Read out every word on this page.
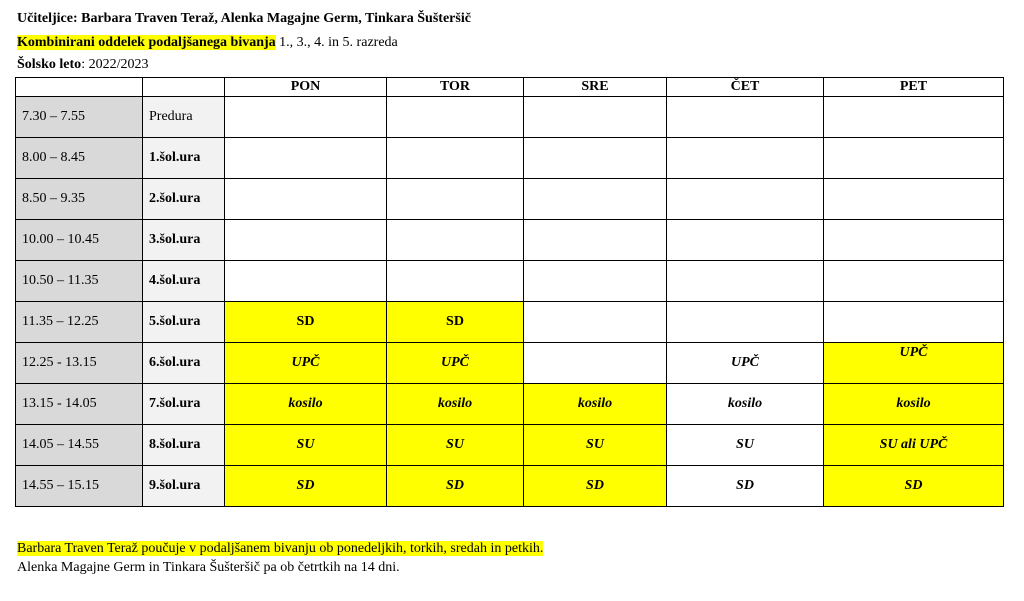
Učiteljice: Barbara Traven Teraž, Alenka Magajne Germ, Tinkara Šušteršič
Kombinirani oddelek podaljšanega bivanja 1., 3., 4. in 5. razreda
Šolsko leto: 2022/2023
		PON	TOR	SRE	ČET	PET
7.30 – 7.55	Predura					
8.00 – 8.45	1.šol.ura					
8.50 – 9.35	2.šol.ura					
10.00 – 10.45	3.šol.ura					
10.50 – 11.35	4.šol.ura					
11.35 – 12.25	5.šol.ura	SD	SD			
12.25 - 13.15	6.šol.ura	UPČ	UPČ		UPČ	UPČ
13.15 - 14.05	7.šol.ura	kosilo	kosilo	kosilo	kosilo	kosilo
14.05 – 14.55	8.šol.ura	SU	SU	SU	SU	SU ali UPČ
14.55 – 15.15	9.šol.ura	SD	SD	SD	SD	SD
Barbara Traven Teraž poučuje v podaljšanem bivanju ob ponedeljkih, torkih, sredah in petkih.
Alenka Magajne Germ in Tinkara Šušteršič pa ob četrtkih na 14 dni.
